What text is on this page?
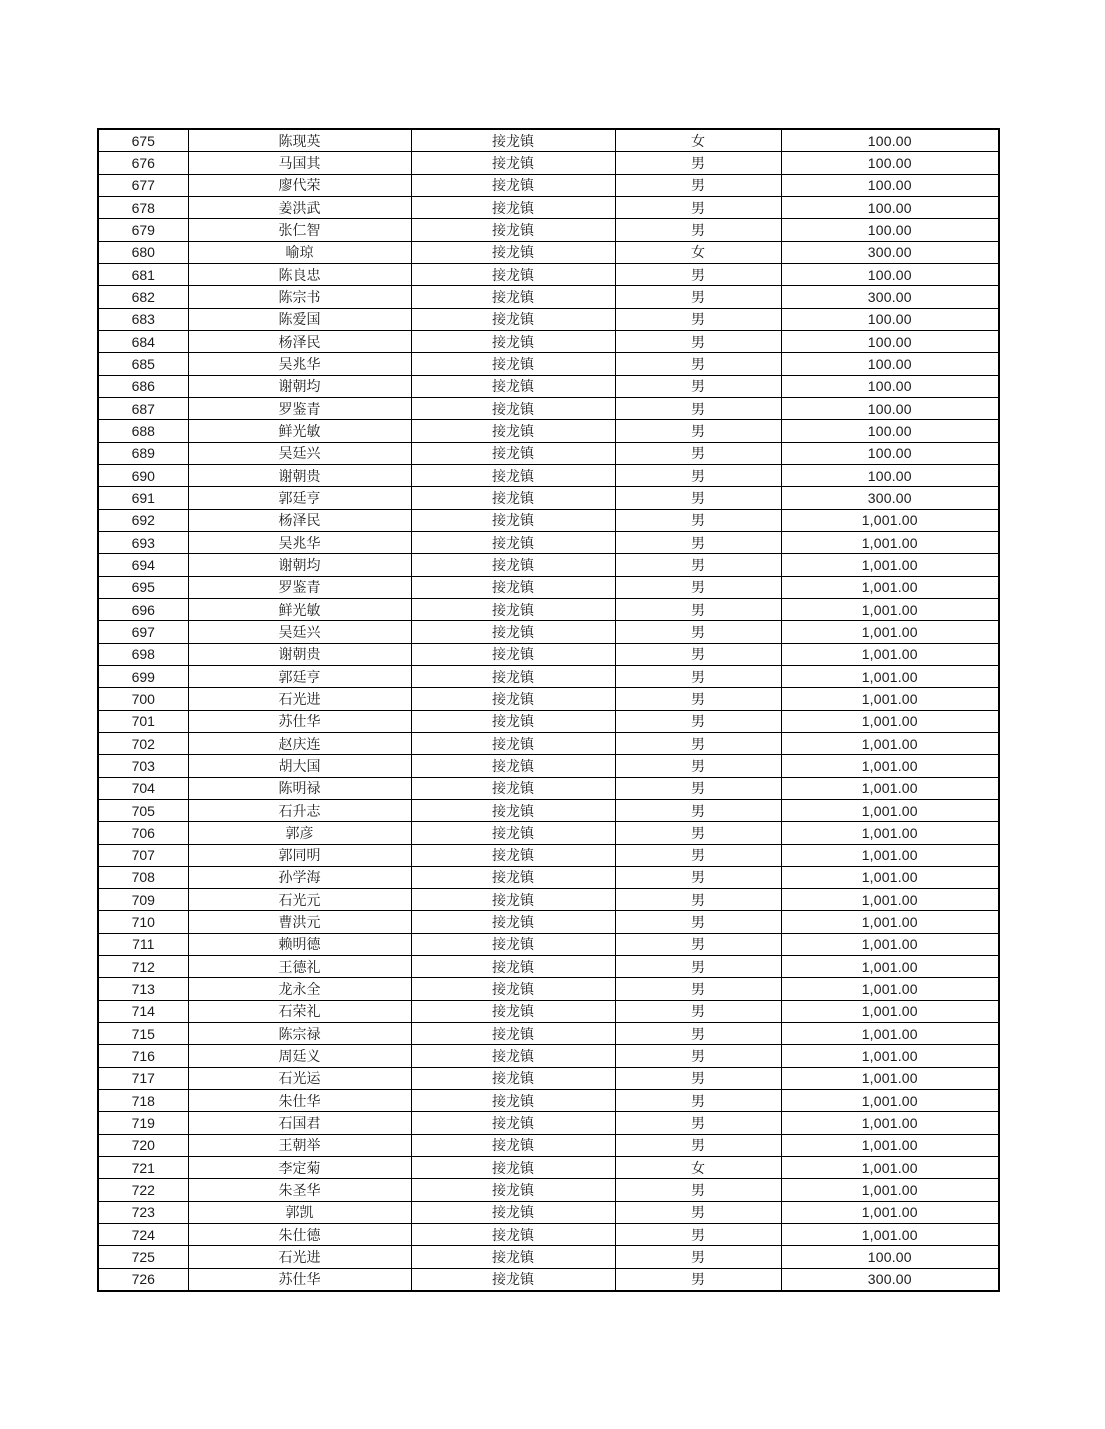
675	陈现英	接龙镇	女	100.00
676	马国其	接龙镇	男	100.00
677	廖代荣	接龙镇	男	100.00
678	姜洪武	接龙镇	男	100.00
679	张仁智	接龙镇	男	100.00
680	喻琼	接龙镇	女	300.00
681	陈良忠	接龙镇	男	100.00
682	陈宗书	接龙镇	男	300.00
683	陈爱国	接龙镇	男	100.00
684	杨泽民	接龙镇	男	100.00
685	吴兆华	接龙镇	男	100.00
686	谢朝均	接龙镇	男	100.00
687	罗鉴青	接龙镇	男	100.00
688	鲜光敏	接龙镇	男	100.00
689	吴廷兴	接龙镇	男	100.00
690	谢朝贵	接龙镇	男	100.00
691	郭廷亨	接龙镇	男	300.00
692	杨泽民	接龙镇	男	1,001.00
693	吴兆华	接龙镇	男	1,001.00
694	谢朝均	接龙镇	男	1,001.00
695	罗鉴青	接龙镇	男	1,001.00
696	鲜光敏	接龙镇	男	1,001.00
697	吴廷兴	接龙镇	男	1,001.00
698	谢朝贵	接龙镇	男	1,001.00
699	郭廷亨	接龙镇	男	1,001.00
700	石光进	接龙镇	男	1,001.00
701	苏仕华	接龙镇	男	1,001.00
702	赵庆连	接龙镇	男	1,001.00
703	胡大国	接龙镇	男	1,001.00
704	陈明禄	接龙镇	男	1,001.00
705	石升志	接龙镇	男	1,001.00
706	郭彦	接龙镇	男	1,001.00
707	郭同明	接龙镇	男	1,001.00
708	孙学海	接龙镇	男	1,001.00
709	石光元	接龙镇	男	1,001.00
710	曹洪元	接龙镇	男	1,001.00
711	赖明德	接龙镇	男	1,001.00
712	王德礼	接龙镇	男	1,001.00
713	龙永全	接龙镇	男	1,001.00
714	石荣礼	接龙镇	男	1,001.00
715	陈宗禄	接龙镇	男	1,001.00
716	周廷义	接龙镇	男	1,001.00
717	石光运	接龙镇	男	1,001.00
718	朱仕华	接龙镇	男	1,001.00
719	石国君	接龙镇	男	1,001.00
720	王朝举	接龙镇	男	1,001.00
721	李定菊	接龙镇	女	1,001.00
722	朱圣华	接龙镇	男	1,001.00
723	郭凯	接龙镇	男	1,001.00
724	朱仕德	接龙镇	男	1,001.00
725	石光进	接龙镇	男	100.00
726	苏仕华	接龙镇	男	300.00
